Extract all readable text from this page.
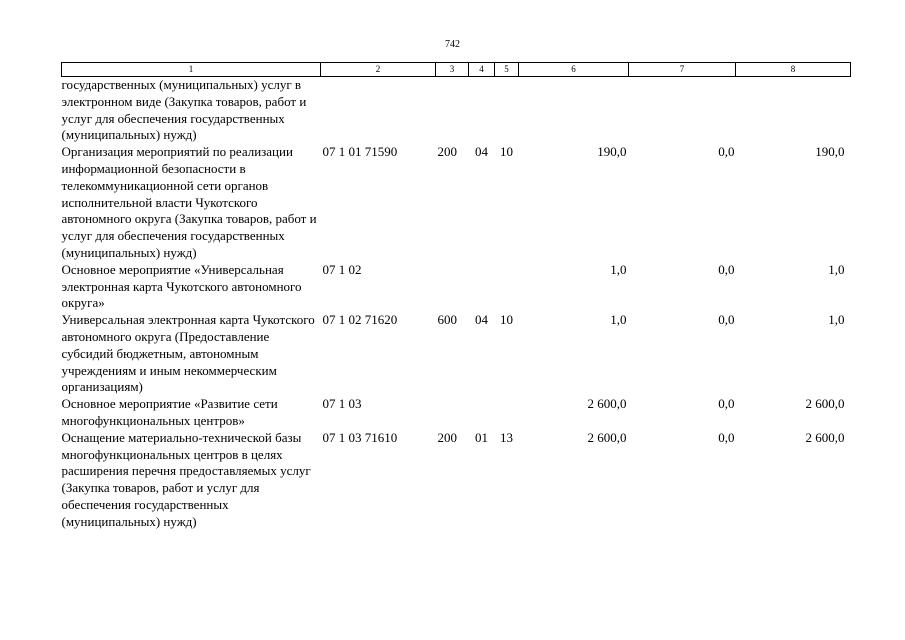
742
1	2	3	4	5	6	7	8
государственных (муниципальных) услуг в электронном виде (Закупка товаров, работ и услуг для обеспечения государственных (муниципальных) нужд)							
Организация мероприятий по реализации информационной безопасности в телекоммуникационной сети органов исполнительной власти Чукотского автономного округа (Закупка товаров, работ и услуг для обеспечения государственных (муниципальных) нужд)	07 1 01 71590	200	04	10	190,0	0,0	190,0
Основное мероприятие «Универсальная электронная карта Чукотского автономного округа»	07 1 02				1,0	0,0	1,0
Универсальная электронная карта Чукотского автономного округа (Предоставление субсидий бюджетным, автономным учреждениям и иным некоммерческим организациям)	07 1 02 71620	600	04	10	1,0	0,0	1,0
Основное мероприятие «Развитие сети многофункциональных центров»	07 1 03				2 600,0	0,0	2 600,0
Оснащение материально-технической базы многофункциональных центров в целях расширения перечня предоставляемых услуг (Закупка товаров, работ и услуг для обеспечения государственных (муниципальных) нужд)	07 1 03 71610	200	01	13	2 600,0	0,0	2 600,0
